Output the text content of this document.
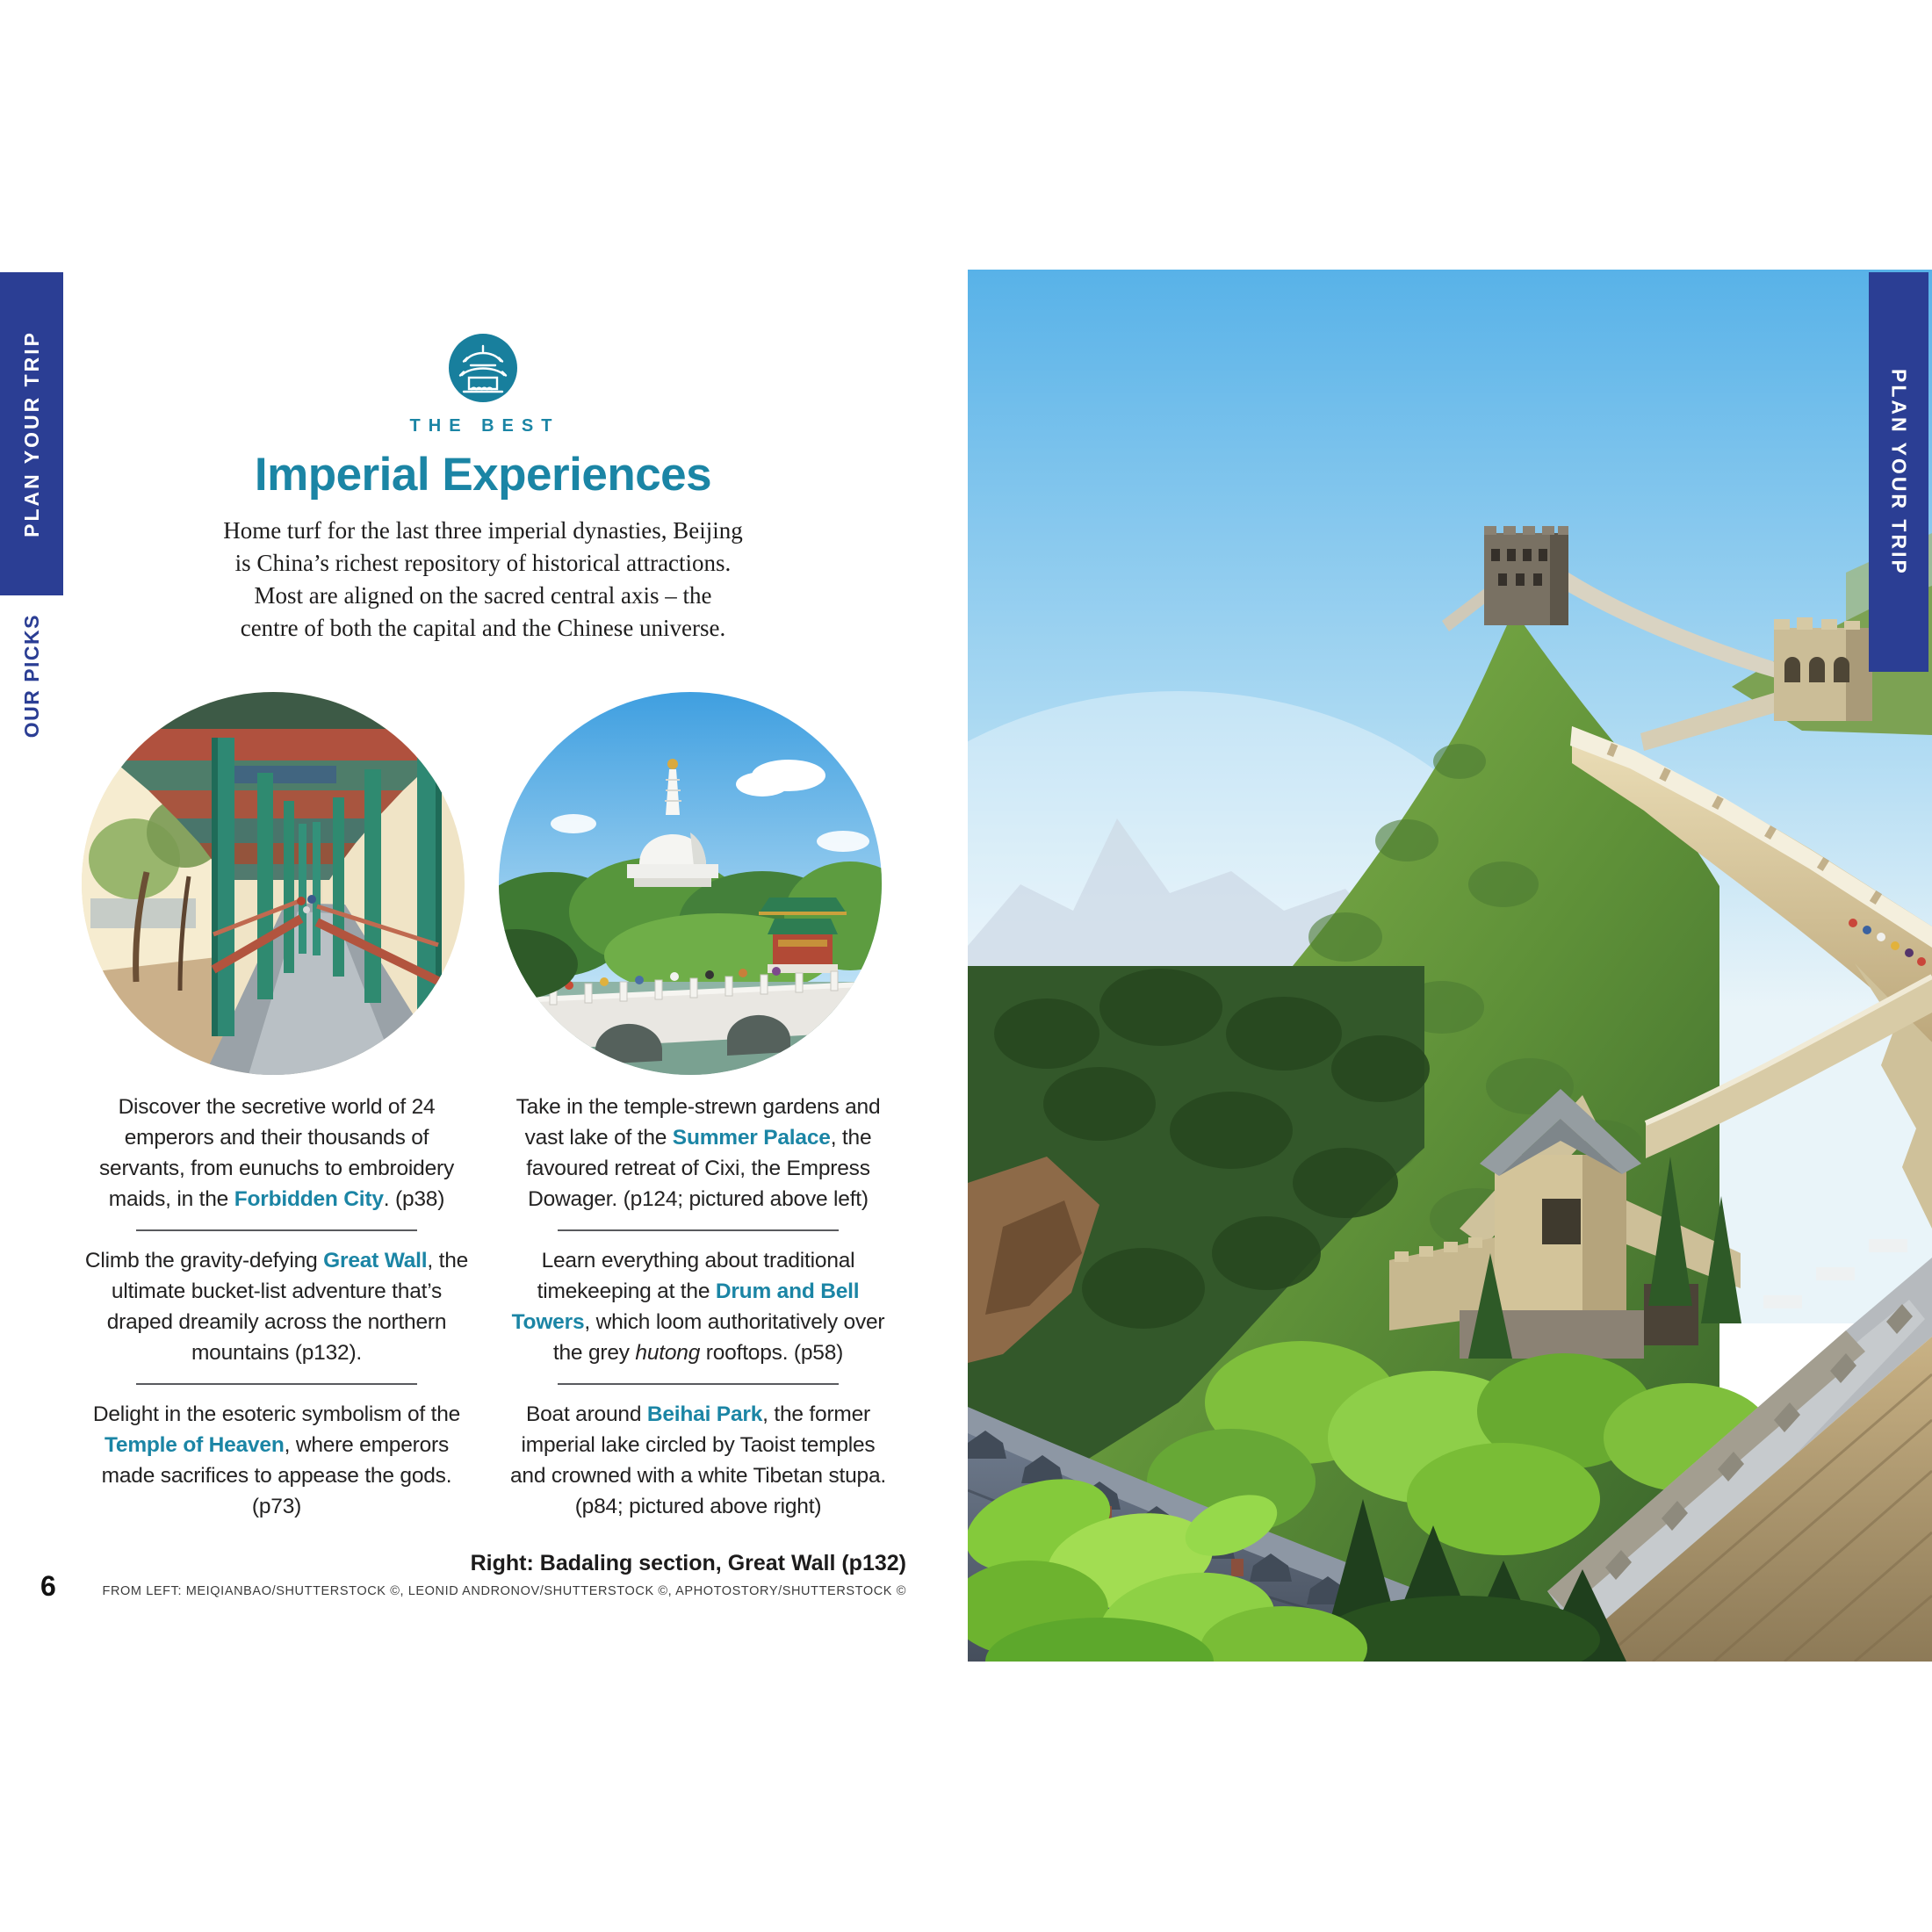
PLAN YOUR TRIP
OUR PICKS
PLAN YOUR TRIP
THE BEST
Imperial Experiences
Home turf for the last three imperial dynasties, Beijing
is China’s richest repository of historical attractions.
Most are aligned on the sacred central axis – the
centre of both the capital and the Chinese universe.

Discover the secretive world of 24 emperors and their thousands of servants, from eunuchs to embroidery maids, in the Forbidden City. (p38)

Climb the gravity-defying Great Wall, the ultimate bucket-list adventure that’s draped dreamily across the northern mountains (p132).

Delight in the esoteric symbolism of the Temple of Heaven, where emperors made sacrifices to appease the gods. (p73)

Take in the temple-strewn gardens and vast lake of the Summer Palace, the favoured retreat of Cixi, the Empress Dowager. (p124; pictured above left)

Learn everything about traditional timekeeping at the Drum and Bell Towers, which loom authoritatively over the grey hutong rooftops. (p58)

Boat around Beihai Park, the former imperial lake circled by Taoist temples and crowned with a white Tibetan stupa. (p84; pictured above right)

Right: Badaling section, Great Wall (p132)

FROM LEFT: MEIQIANBAO/SHUTTERSTOCK ©, LEONID ANDRONOV/SHUTTERSTOCK ©, APHOTOSTORY/SHUTTERSTOCK ©

6
